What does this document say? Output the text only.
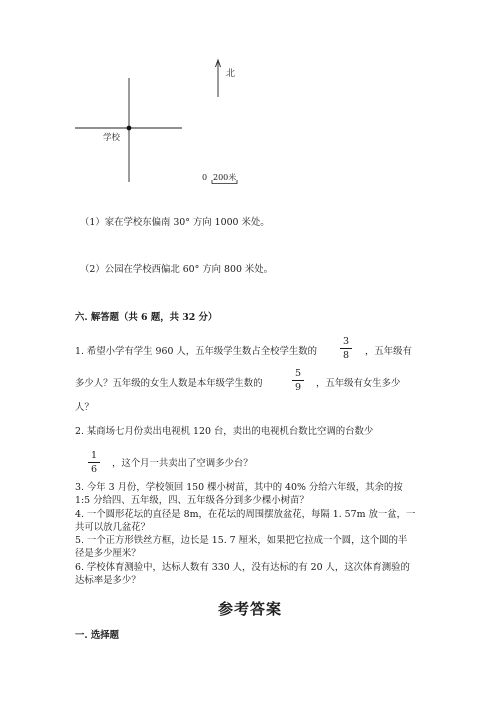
北
学校
0 200米
（1）家在学校东偏南 30° 方向 1000 米处。
（2）公园在学校西偏北 60° 方向 800 米处。
六. 解答题（共 6 题，共 32 分）
1. 希望小学有学生 960 人，五年级学生数占全校学生数的
3
8	，五年级有
多少人？五年级的女生人数是本年级学生数的
5
9	，五年级有女生多少
人？
2. 某商场七月份卖出电视机 120 台，卖出的电视机台数比空调的台数少
1
6
，这个月一共卖出了空调多少台？
3. 今年 3 月份，学校领回 150 棵小树苗，其中的 40% 分给六年级，其余的按
1:5 分给四、五年级，四、五年级各分到多少棵小树苗？
4. 一个圆形花坛的直径是 8m，在花坛的周围摆放盆花，每隔 1. 57m 放一盆，一
共可以放几盆花？
5. 一个正方形铁丝方框，边长是 15. 7 厘米，如果把它拉成一个圆，这个圆的半
径是多少厘米？
6. 学校体育测验中，达标人数有 330 人，没有达标的有 20 人，这次体育测验的
达标率是多少？
参考答案
一. 选择题
